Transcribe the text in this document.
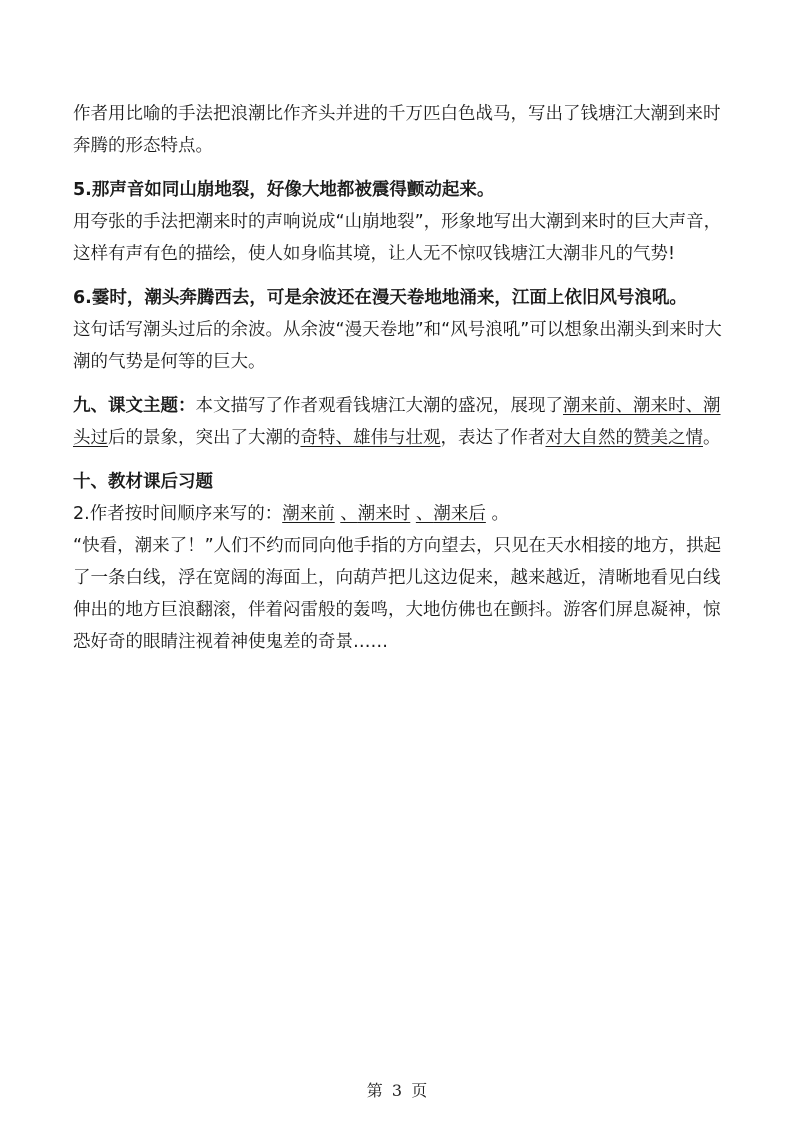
作者用比喻的手法把浪潮比作齐头并进的千万匹白色战马，写出了钱塘江大潮到来时奔腾的形态特点。

5.那声音如同山崩地裂，好像大地都被震得颤动起来。

用夸张的手法把潮来时的声响说成“山崩地裂”，形象地写出大潮到来时的巨大声音，这样有声有色的描绘，使人如身临其境，让人无不惊叹钱塘江大潮非凡的气势!

6.霎时，潮头奔腾西去，可是余波还在漫天卷地地涌来，江面上依旧风号浪吼。

这句话写潮头过后的余波。从余波“漫天卷地”和“风号浪吼”可以想象出潮头到来时大潮的气势是何等的巨大。

九、课文主题：本文描写了作者观看钱塘江大潮的盛况，展现了潮来前、潮来时、潮头过后的景象，突出了大潮的奇特、雄伟与壮观，表达了作者对大自然的赞美之情。

十、教材课后习题

2.作者按时间顺序来写的：潮来前 、潮来时 、潮来后 。

“快看，潮来了！”人们不约而同向他手指的方向望去，只见在天水相接的地方，拱起了一条白线，浮在宽阔的海面上，向葫芦把儿这边促来，越来越近，清晰地看见白线伸出的地方巨浪翻滚，伴着闷雷般的轰鸣，大地仿佛也在颤抖。游客们屏息凝神，惊恐好奇的眼睛注视着神使鬼差的奇景……

第 3 页
